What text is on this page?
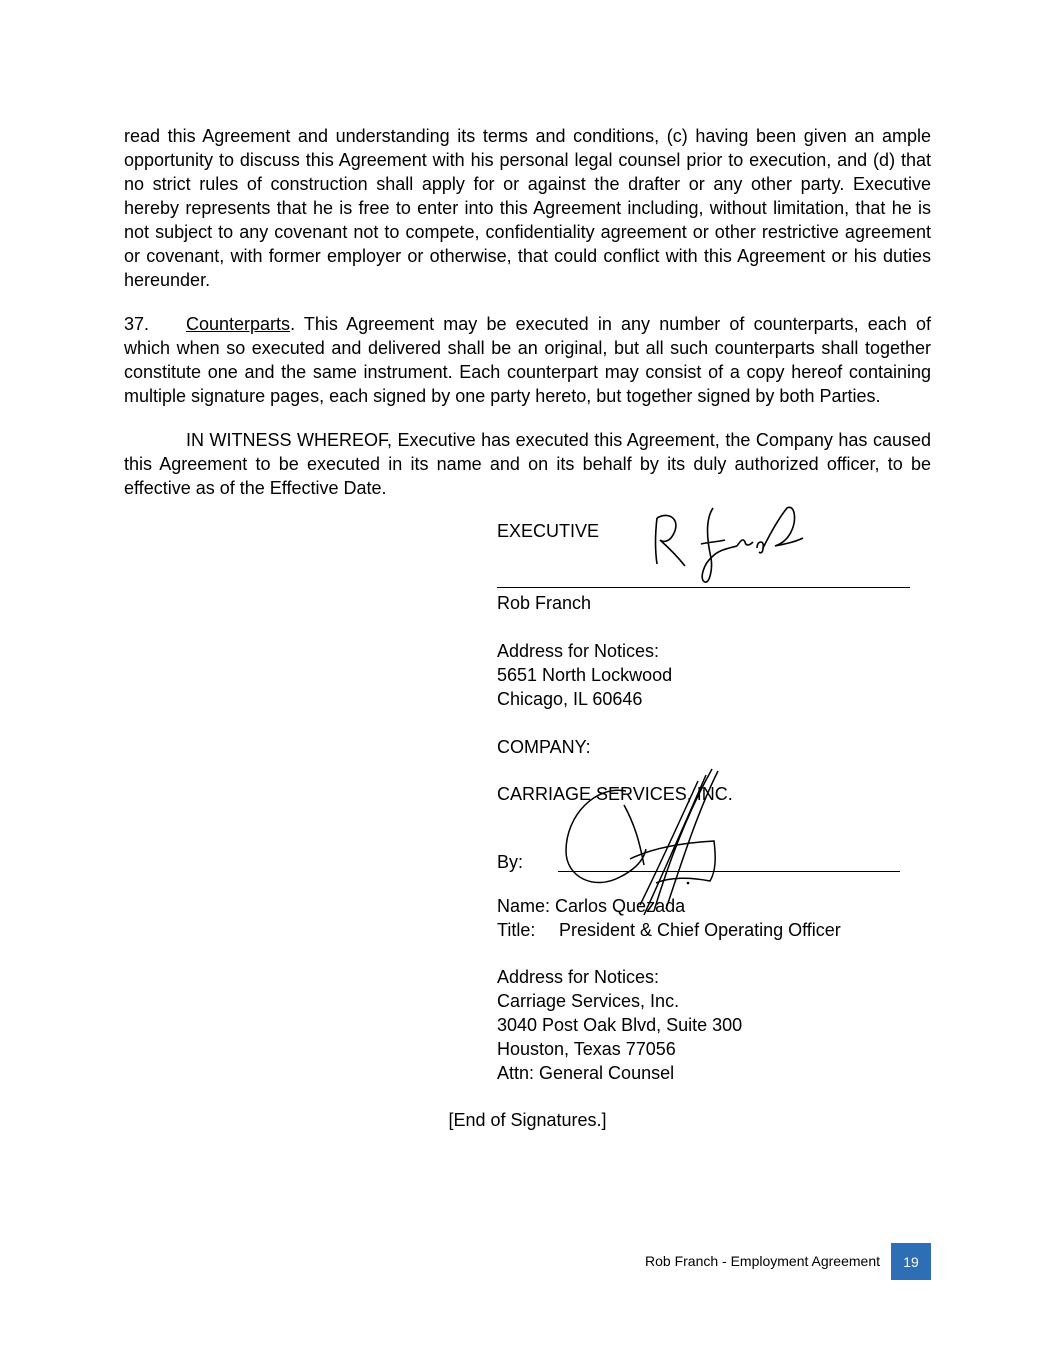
read this Agreement and understanding its terms and conditions, (c) having been given an ample opportunity to discuss this Agreement with his personal legal counsel prior to execution, and (d) that no strict rules of construction shall apply for or against the drafter or any other party. Executive hereby represents that he is free to enter into this Agreement including, without limitation, that he is not subject to any covenant not to compete, confidentiality agreement or other restrictive agreement or covenant, with former employer or otherwise, that could conflict with this Agreement or his duties hereunder.

37. Counterparts. This Agreement may be executed in any number of counterparts, each of which when so executed and delivered shall be an original, but all such counterparts shall together constitute one and the same instrument. Each counterpart may consist of a copy hereof containing multiple signature pages, each signed by one party hereto, but together signed by both Parties.

IN WITNESS WHEREOF, Executive has executed this Agreement, the Company has caused this Agreement to be executed in its name and on its behalf by its duly authorized officer, to be effective as of the Effective Date.

EXECUTIVE
Rob Franch
Address for Notices:
5651 North Lockwood
Chicago, IL 60646
COMPANY:
CARRIAGE SERVICES, INC.
By:
Name: Carlos Quezada
Title: President & Chief Operating Officer
Address for Notices:
Carriage Services, Inc.
3040 Post Oak Blvd, Suite 300
Houston, Texas 77056
Attn: General Counsel
[End of Signatures.]
Rob Franch - Employment Agreement	19
